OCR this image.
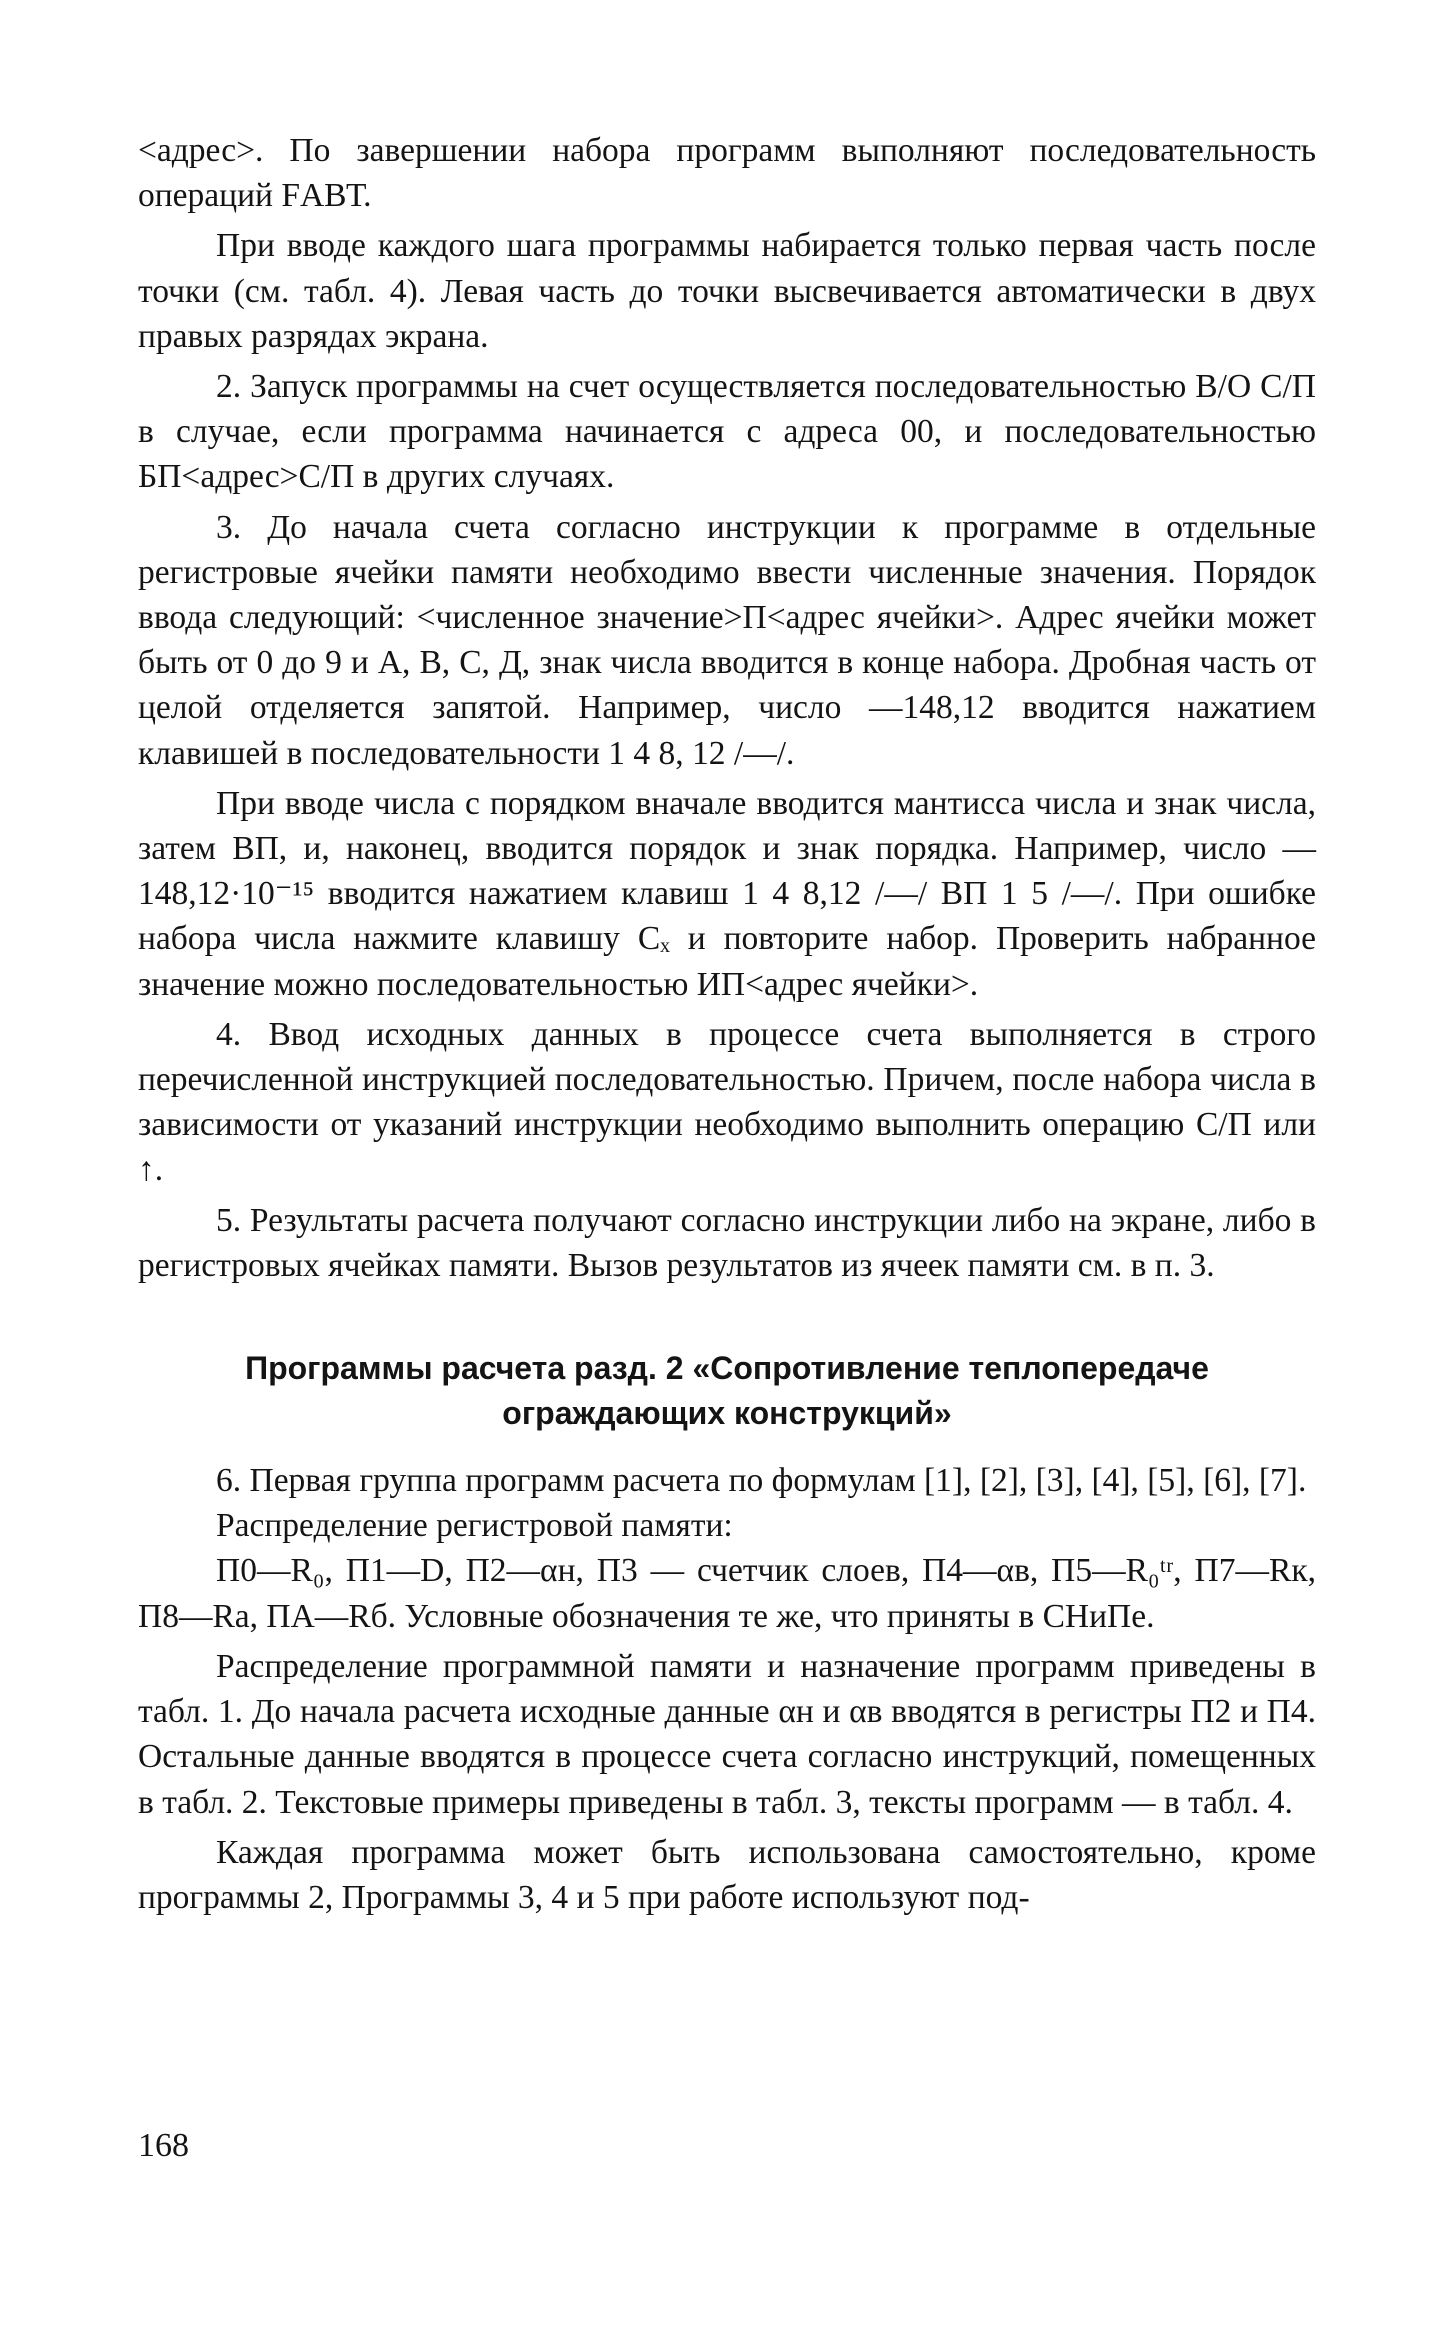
<адрес>. По завершении набора программ выполняют последовательность операций FАВТ.

При вводе каждого шага программы набирается только первая часть после точки (см. табл. 4). Левая часть до точки высвечивается автоматически в двух правых разрядах экрана.

2. Запуск программы на счет осуществляется последовательностью В/О С/П в случае, если программа начинается с адреса 00, и последовательностью БП<адрес>С/П в других случаях.

3. До начала счета согласно инструкции к программе в отдельные регистровые ячейки памяти необходимо ввести численные значения. Порядок ввода следующий: <численное значение>П<адрес ячейки>. Адрес ячейки может быть от 0 до 9 и А, В, С, Д, знак числа вводится в конце набора. Дробная часть от целой отделяется запятой. Например, число —148,12 вводится нажатием клавишей в последовательности 1 4 8, 12 /—/.

При вводе числа с порядком вначале вводится мантисса числа и знак числа, затем ВП, и, наконец, вводится порядок и знак порядка. Например, число —148,12·10⁻¹⁵ вводится нажатием клавиш 1 4 8,12 /—/ ВП 1 5 /—/. При ошибке набора числа нажмите клавишу Cₓ и повторите набор. Проверить набранное значение можно последовательностью ИП<адрес ячейки>.

4. Ввод исходных данных в процессе счета выполняется в строго перечисленной инструкцией последовательностью. Причем, после набора числа в зависимости от указаний инструкции необходимо выполнить операцию С/П или ↑.

5. Результаты расчета получают согласно инструкции либо на экране, либо в регистровых ячейках памяти. Вызов результатов из ячеек памяти см. в п. 3.

Программы расчета разд. 2 «Сопротивление теплопередаче ограждающих конструкций»

6. Первая группа программ расчета по формулам [1], [2], [3], [4], [5], [6], [7].

Распределение регистровой памяти:

П0—R₀, П1—D, П2—αн, П3 — счетчик слоев, П4—αв, П5—R₀ᵗʳ, П7—Rк, П8—Rа, ПА—Rб. Условные обозначения те же, что приняты в СНиПе.

Распределение программной памяти и назначение программ приведены в табл. 1. До начала расчета исходные данные αн и αв вводятся в регистры П2 и П4. Остальные данные вводятся в процессе счета согласно инструкций, помещенных в табл. 2. Текстовые примеры приведены в табл. 3, тексты программ — в табл. 4.

Каждая программа может быть использована самостоятельно, кроме программы 2, Программы 3, 4 и 5 при работе используют под-

168
